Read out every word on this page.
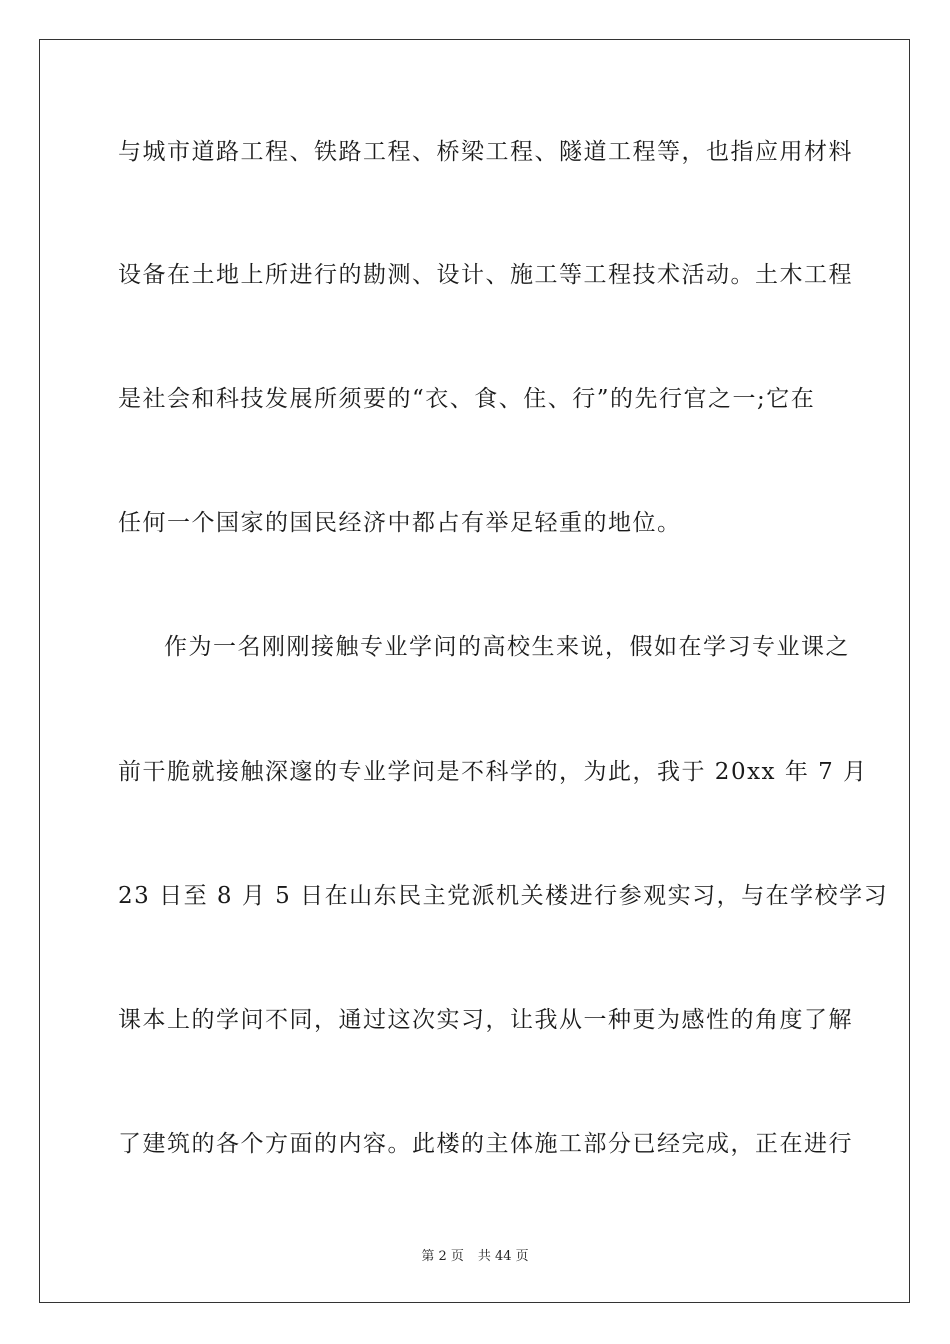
与城市道路工程、铁路工程、桥梁工程、隧道工程等，也指应用材料
设备在土地上所进行的勘测、设计、施工等工程技术活动。土木工程
是社会和科技发展所须要的“衣、食、住、行”的先行官之一;它在
任何一个国家的国民经济中都占有举足轻重的地位。
作为一名刚刚接触专业学问的高校生来说，假如在学习专业课之
前干脆就接触深邃的专业学问是不科学的，为此，我于 20xx 年 7 月
23 日至 8 月 5 日在山东民主党派机关楼进行参观实习，与在学校学习
课本上的学问不同，通过这次实习，让我从一种更为感性的角度了解
了建筑的各个方面的内容。此楼的主体施工部分已经完成，正在进行
第 2 页 共 44 页
